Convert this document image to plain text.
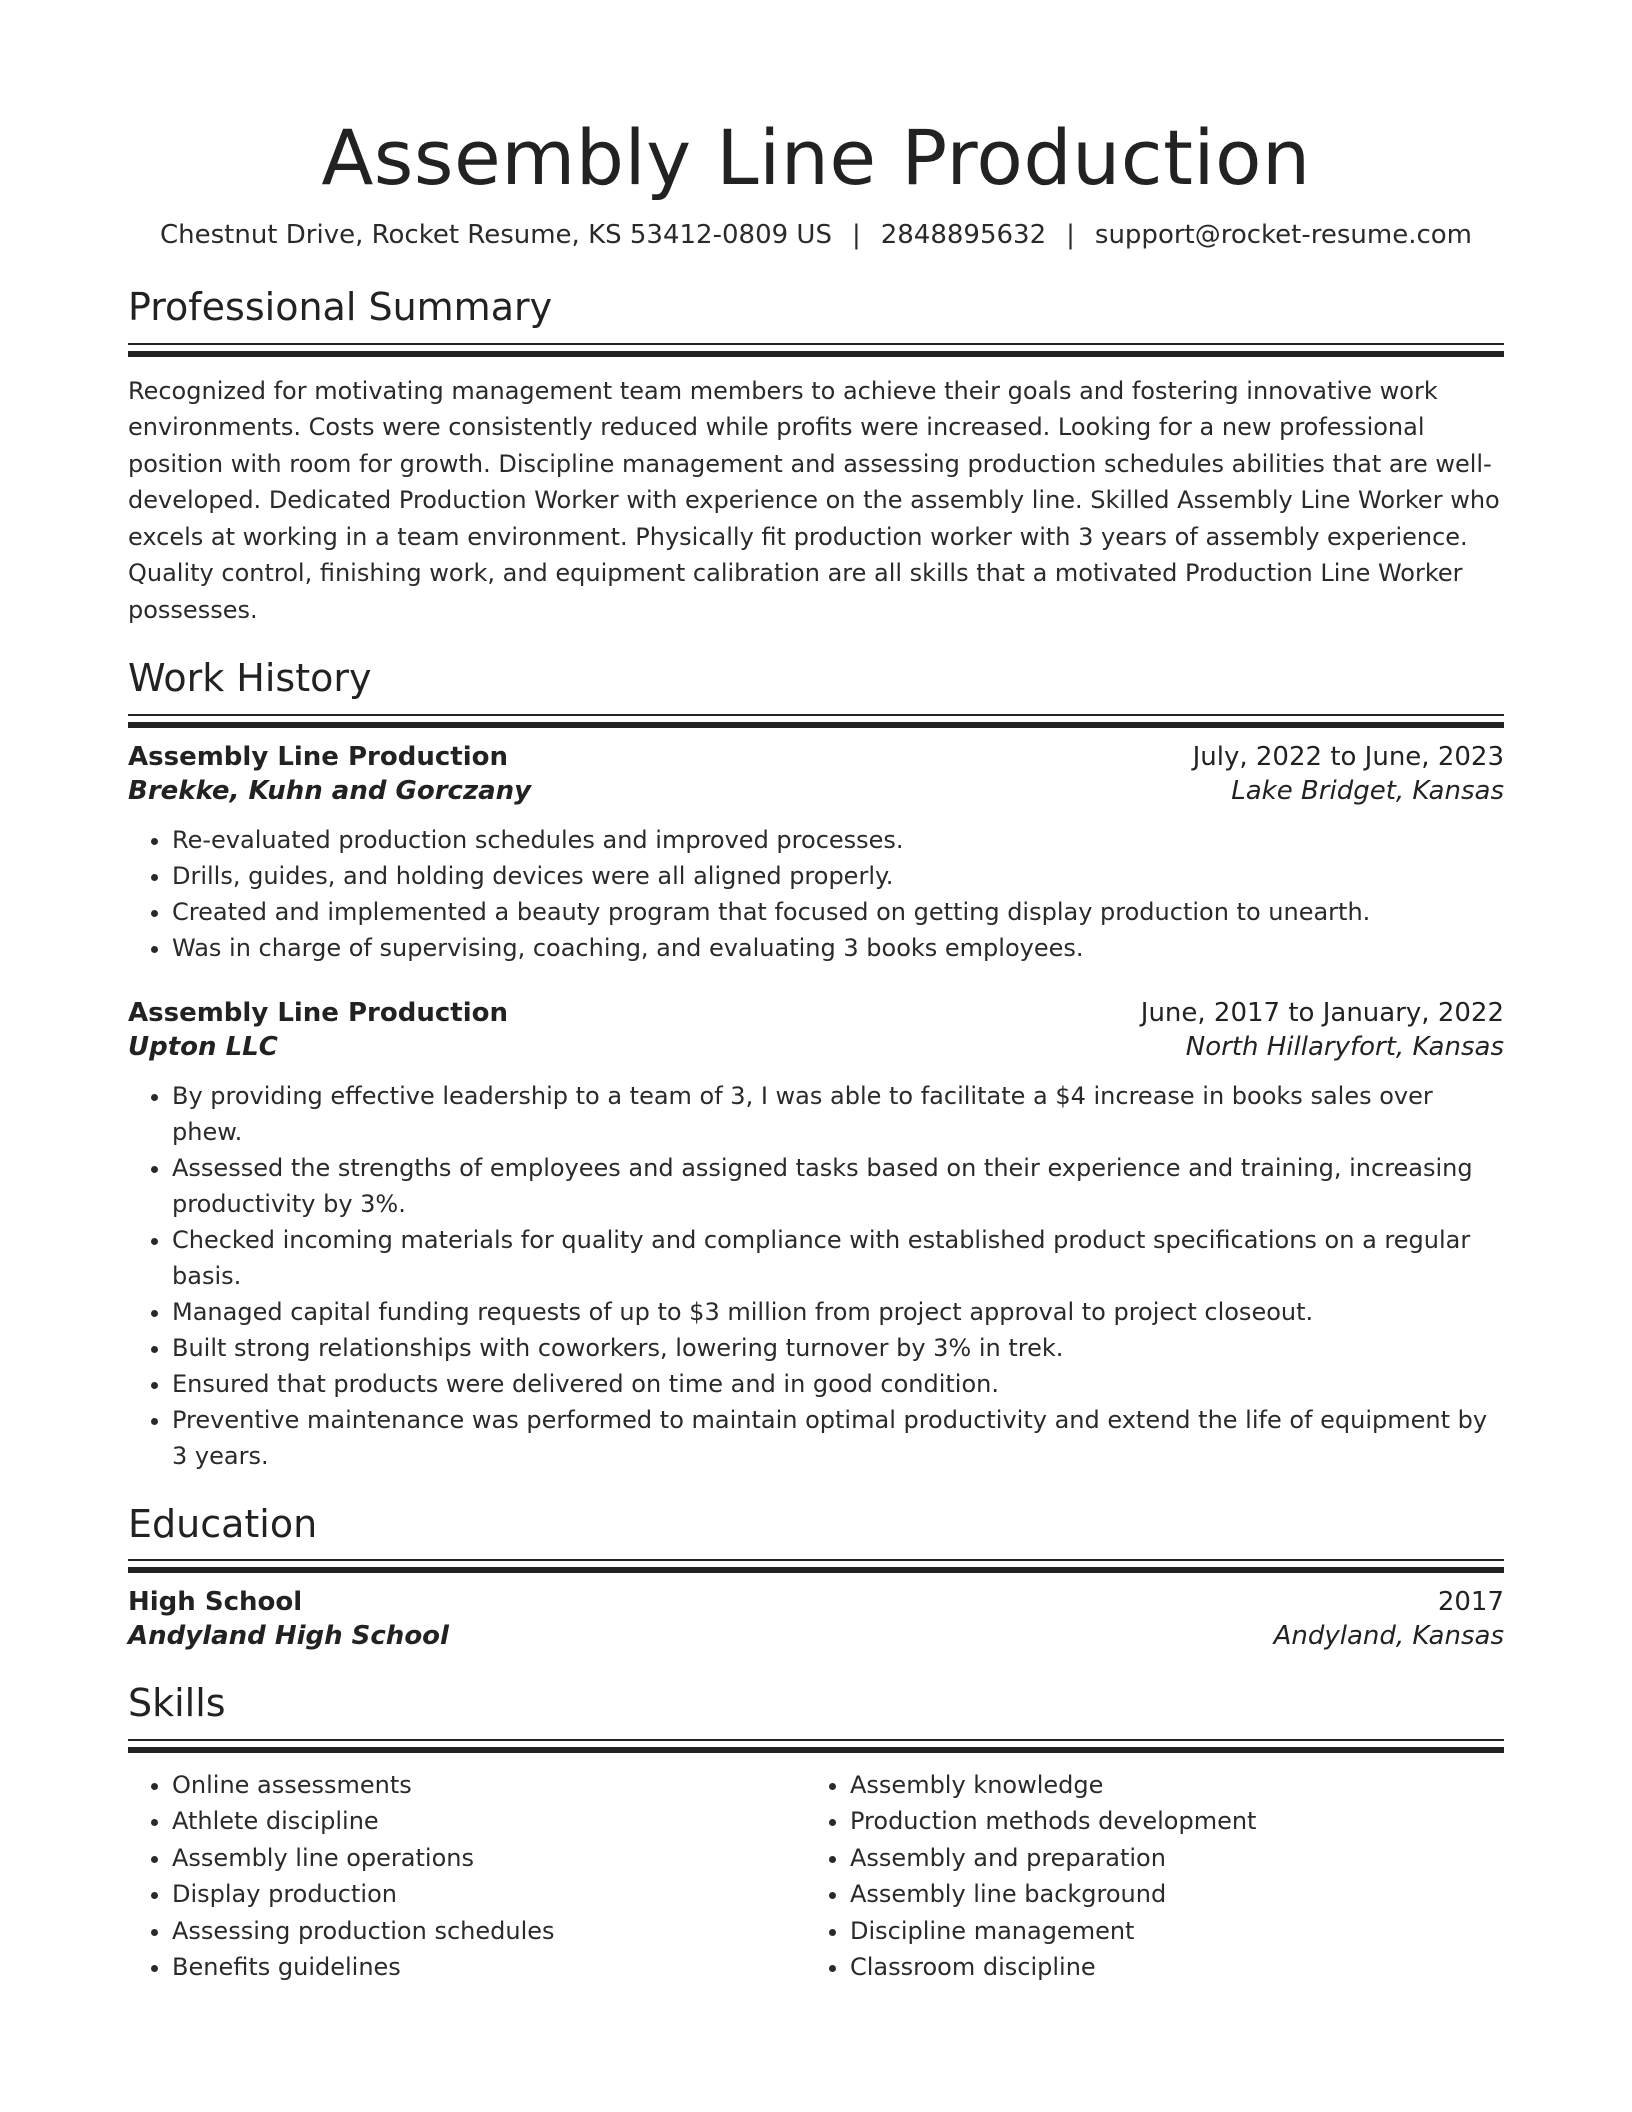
Assembly Line Production
Chestnut Drive, Rocket Resume, KS 53412-0809 US | 2848895632 | support@rocket-resume.com
Professional Summary

Recognized for motivating management team members to achieve their goals and fostering innovative work environments. Costs were consistently reduced while profits were increased. Looking for a new professional position with room for growth. Discipline management and assessing production schedules abilities that are well-developed. Dedicated Production Worker with experience on the assembly line. Skilled Assembly Line Worker who excels at working in a team environment. Physically fit production worker with 3 years of assembly experience. Quality control, finishing work, and equipment calibration are all skills that a motivated Production Line Worker possesses.

Work History
Assembly Line Production	July, 2022 to June, 2023
Brekke, Kuhn and Gorczany	Lake Bridget, Kansas
• Re-evaluated production schedules and improved processes.
• Drills, guides, and holding devices were all aligned properly.
• Created and implemented a beauty program that focused on getting display production to unearth.
• Was in charge of supervising, coaching, and evaluating 3 books employees.
Assembly Line Production	June, 2017 to January, 2022
Upton LLC	North Hillaryfort, Kansas
• By providing effective leadership to a team of 3, I was able to facilitate a $4 increase in books sales over phew.
• Assessed the strengths of employees and assigned tasks based on their experience and training, increasing productivity by 3%.
• Checked incoming materials for quality and compliance with established product specifications on a regular basis.
• Managed capital funding requests of up to $3 million from project approval to project closeout.
• Built strong relationships with coworkers, lowering turnover by 3% in trek.
• Ensured that products were delivered on time and in good condition.
• Preventive maintenance was performed to maintain optimal productivity and extend the life of equipment by 3 years.
Education
High School	2017
Andyland High School	Andyland, Kansas
Skills
• Online assessments
• Athlete discipline
• Assembly line operations
• Display production
• Assessing production schedules
• Benefits guidelines
• Assembly knowledge
• Production methods development
• Assembly and preparation
• Assembly line background
• Discipline management
• Classroom discipline
